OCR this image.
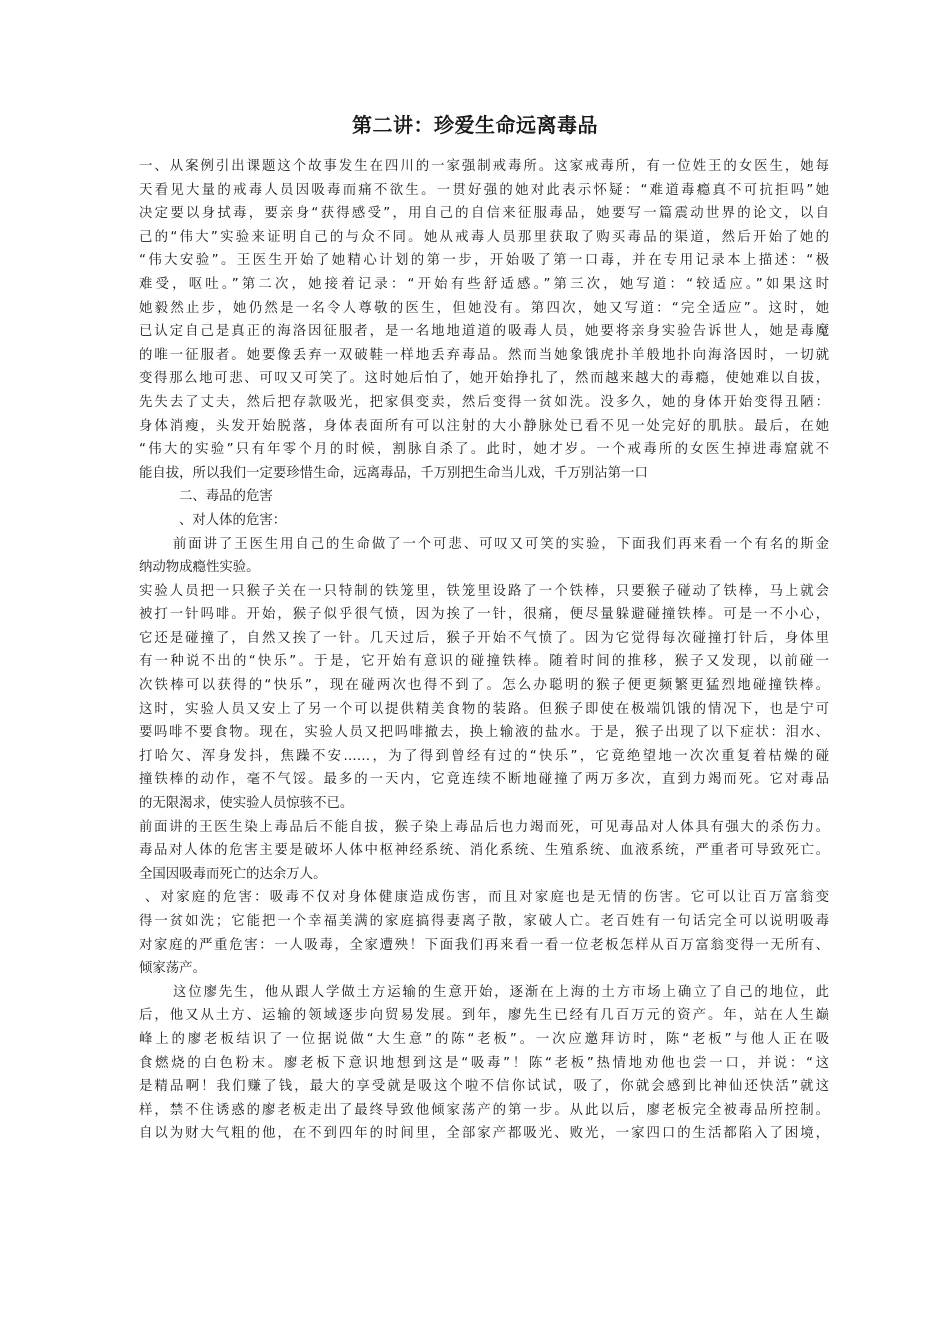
第二讲：珍爱生命远离毒品
一、从案例引出课题这个故事发生在四川的一家强制戒毒所。这家戒毒所，有一位姓王的女医生，她每
天看见大量的戒毒人员因吸毒而痛不欲生。一贯好强的她对此表示怀疑：“难道毒瘾真不可抗拒吗”她
决定要以身拭毒，要亲身“获得感受”，用自己的自信来征服毒品，她要写一篇震动世界的论文，以自
己的“伟大”实验来证明自己的与众不同。她从戒毒人员那里获取了购买毒品的渠道，然后开始了她的
“伟大安验”。王医生开始了她精心计划的第一步，开始吸了第一口毒，并在专用记录本上描述：“极
难受，呕吐。”第二次，她接着记录：“开始有些舒适感。”第三次，她写道：“较适应。”如果这时
她毅然止步，她仍然是一名令人尊敬的医生，但她没有。第四次，她又写道：“完全适应”。这时，她
已认定自己是真正的海洛因征服者，是一名地地道道的吸毒人员，她要将亲身实验告诉世人，她是毒魔
的唯一征服者。她要像丢弃一双破鞋一样地丢弃毒品。然而当她象饿虎扑羊般地扑向海洛因时，一切就
变得那么地可悲、可叹又可笑了。这时她后怕了，她开始挣扎了，然而越来越大的毒瘾，使她难以自拔，
先失去了丈夫，然后把存款吸光，把家俱变卖，然后变得一贫如洗。没多久，她的身体开始变得丑陋：
身体消瘦，头发开始脱落，身体表面所有可以注射的大小静脉处已看不见一处完好的肌肤。最后，在她
“伟大的实验”只有年零个月的时候，割脉自杀了。此时，她才岁。一个戒毒所的女医生掉进毒窟就不
能自拔，所以我们一定要珍惜生命，远离毒品，千万别把生命当儿戏，千万别沾第一口
二、毒品的危害
、对人体的危害：
前面讲了王医生用自己的生命做了一个可悲、可叹又可笑的实验，下面我们再来看一个有名的斯金
纳动物成瘾性实验。
实验人员把一只猴子关在一只特制的铁笼里，铁笼里设路了一个铁棒，只要猴子碰动了铁棒，马上就会
被打一针吗啡。开始，猴子似乎很气愤，因为挨了一针，很痛，便尽量躲避碰撞铁棒。可是一不小心，
它还是碰撞了，自然又挨了一针。几天过后，猴子开始不气愤了。因为它觉得每次碰撞打针后，身体里
有一种说不出的“快乐”。于是，它开始有意识的碰撞铁棒。随着时间的推移，猴子又发现，以前碰一
次铁棒可以获得的“快乐”，现在碰两次也得不到了。怎么办聪明的猴子便更频繁更猛烈地碰撞铁棒。
这时，实验人员又安上了另一个可以提供精美食物的装路。但猴子即使在极端饥饿的情况下，也是宁可
要吗啡不要食物。现在，实验人员又把吗啡撤去，换上输液的盐水。于是，猴子出现了以下症状：泪水、
打哈欠、浑身发抖，焦躁不安……，为了得到曾经有过的“快乐”，它竟绝望地一次次重复着枯燥的碰
撞铁棒的动作，毫不气馁。最多的一天内，它竟连续不断地碰撞了两万多次，直到力竭而死。它对毒品
的无限渴求，使实验人员惊骇不已。
前面讲的王医生染上毒品后不能自拔，猴子染上毒品后也力竭而死，可见毒品对人体具有强大的杀伤力。
毒品对人体的危害主要是破坏人体中枢神经系统、消化系统、生殖系统、血液系统，严重者可导致死亡。
全国因吸毒而死亡的达余万人。
、对家庭的危害：吸毒不仅对身体健康造成伤害，而且对家庭也是无情的伤害。它可以让百万富翁变
得一贫如洗；它能把一个幸福美满的家庭搞得妻离子散，家破人亡。老百姓有一句话完全可以说明吸毒
对家庭的严重危害：一人吸毒，全家遭殃！下面我们再来看一看一位老板怎样从百万富翁变得一无所有、
倾家荡产。
这位廖先生，他从跟人学做土方运输的生意开始，逐渐在上海的土方市场上确立了自己的地位，此
后，他又从土方、运输的领域逐步向贸易发展。到年，廖先生已经有几百万元的资产。年，站在人生巅
峰上的廖老板结识了一位据说做“大生意”的陈“老板”。一次应邀拜访时，陈“老板”与他人正在吸
食燃烧的白色粉末。廖老板下意识地想到这是“吸毒”！陈“老板”热情地劝他也尝一口，并说：“这
是精品啊！我们赚了钱，最大的享受就是吸这个啦不信你试试，吸了，你就会感到比神仙还快活”就这
样，禁不住诱惑的廖老板走出了最终导致他倾家荡产的第一步。从此以后，廖老板完全被毒品所控制。
自以为财大气粗的他，在不到四年的时间里，全部家产都吸光、败光，一家四口的生活都陷入了困境，
